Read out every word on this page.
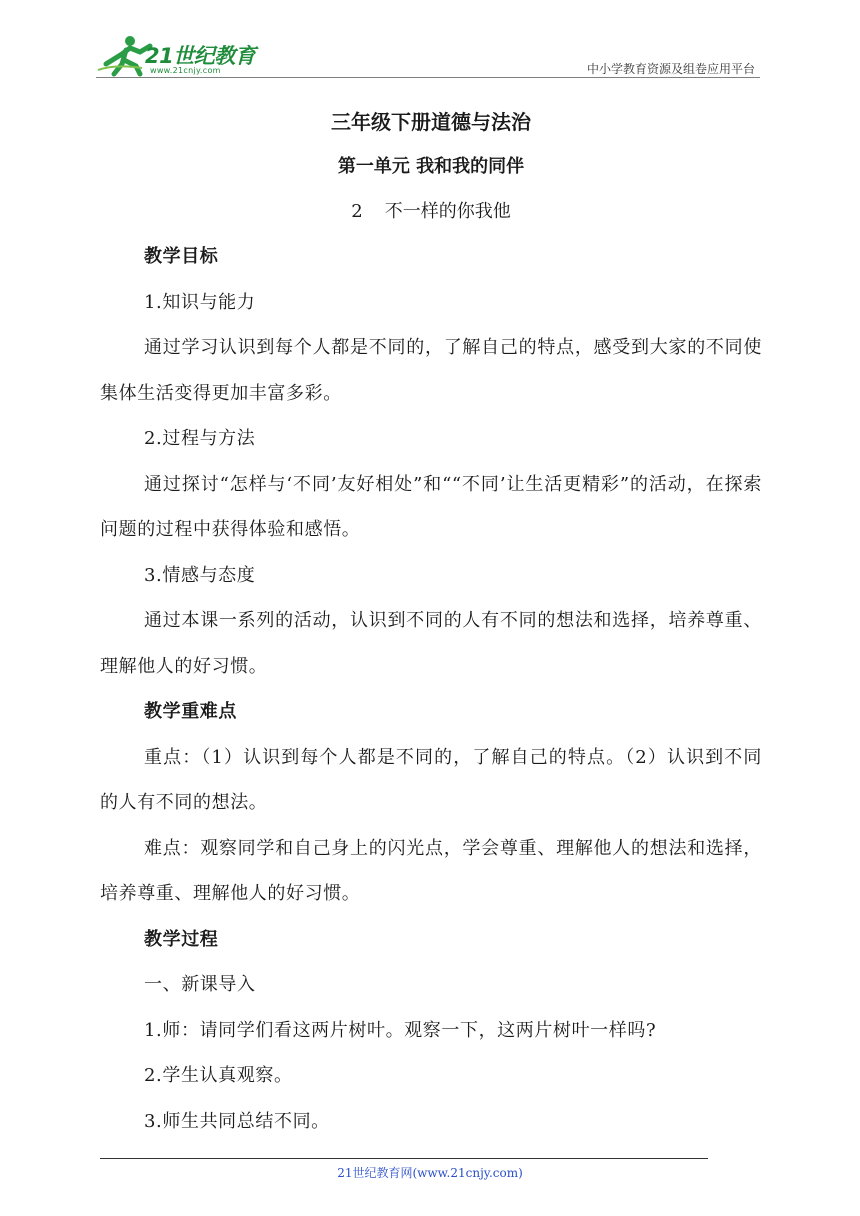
21世纪教育
www.21cnjy.com	中小学教育资源及组卷应用平台
三年级下册道德与法治
第一单元 我和我的同伴
2 不一样的你我他

教学目标

1.知识与能力

通过学习认识到每个人都是不同的，了解自己的特点，感受到大家的不同使集体生活变得更加丰富多彩。

2.过程与方法

通过探讨“怎样与‘不同’友好相处”和““不同’让生活更精彩”的活动，在探索问题的过程中获得体验和感悟。

3.情感与态度

通过本课一系列的活动，认识到不同的人有不同的想法和选择，培养尊重、理解他人的好习惯。

教学重难点

重点：（1）认识到每个人都是不同的，了解自己的特点。（2）认识到不同的人有不同的想法。

难点：观察同学和自己身上的闪光点，学会尊重、理解他人的想法和选择，培养尊重、理解他人的好习惯。

教学过程

一、新课导入

1.师：请同学们看这两片树叶。观察一下，这两片树叶一样吗?

2.学生认真观察。

3.师生共同总结不同。

21世纪教育网(www.21cnjy.com)
